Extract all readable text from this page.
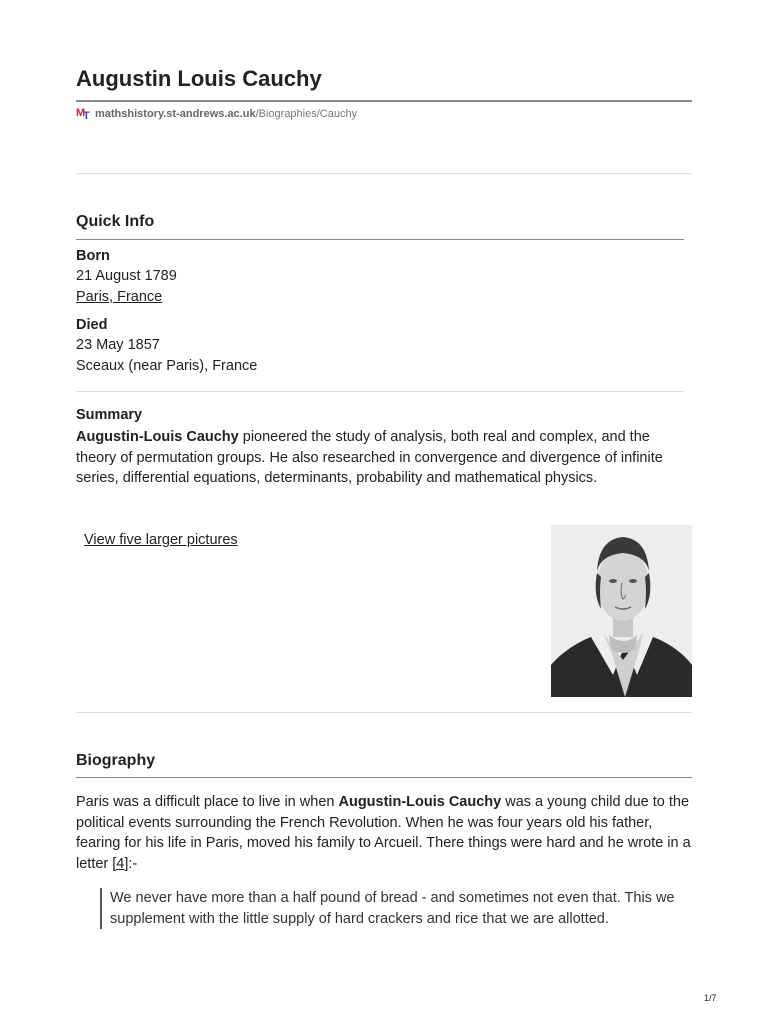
Augustin Louis Cauchy
M
T mathshistory.st-andrews.ac.uk /Biographies/Cauchy
Quick Info
Born
21 August 1789
Paris, France
Died
23 May 1857
Sceaux (near Paris), France
Summary
Augustin-Louis Cauchy pioneered the study of analysis, both real and complex, and the theory of permutation groups. He also researched in convergence and divergence of infinite series, differential equations, determinants, probability and mathematical physics.
View five larger pictures
Biography
Paris was a difficult place to live in when Augustin-Louis Cauchy was a young child due to the political events surrounding the French Revolution. When he was four years old his father, fearing for his life in Paris, moved his family to Arcueil. There things were hard and he wrote in a letter [4]:-
We never have more than a half pound of bread - and sometimes not even that. This we supplement with the little supply of hard crackers and rice that we are allotted.
1/7
